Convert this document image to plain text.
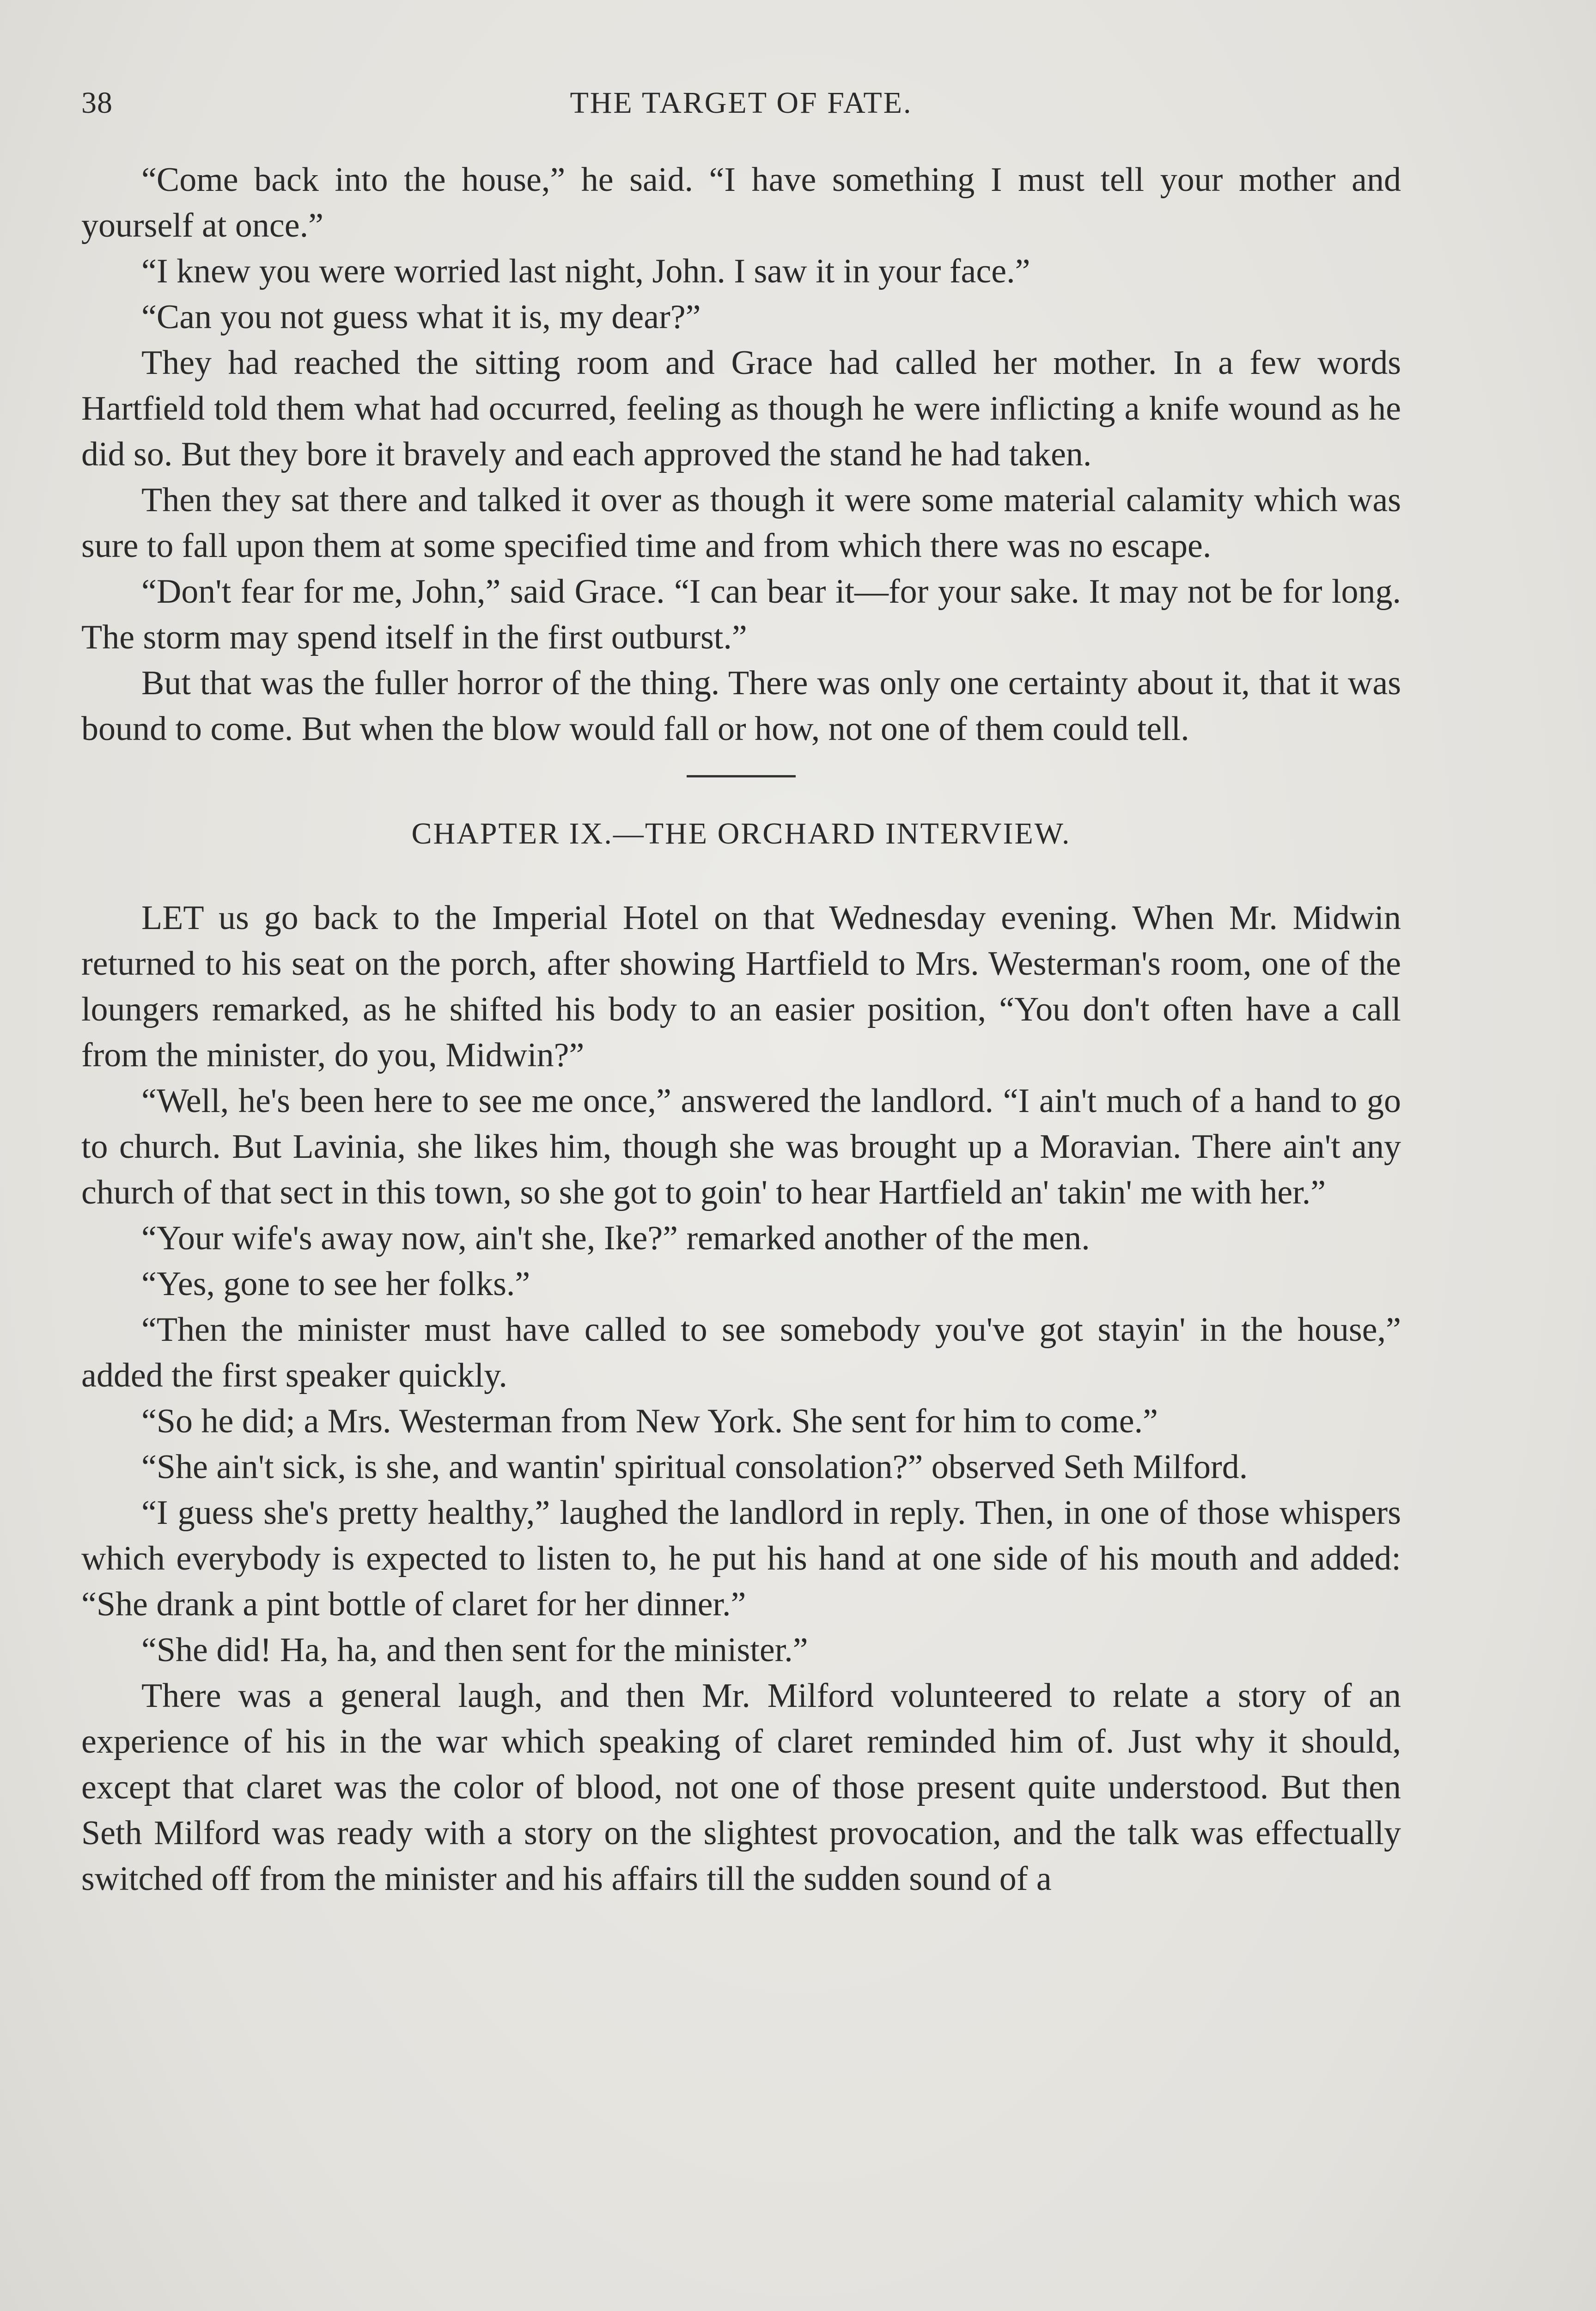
38	THE TARGET OF FATE.

“Come back into the house,” he said. “I have something I must tell your mother and yourself at once.”

“I knew you were worried last night, John. I saw it in your face.”

“Can you not guess what it is, my dear?”

They had reached the sitting room and Grace had called her mother. In a few words Hartfield told them what had occurred, feeling as though he were inflicting a knife wound as he did so. But they bore it bravely and each approved the stand he had taken.

Then they sat there and talked it over as though it were some material calamity which was sure to fall upon them at some specified time and from which there was no escape.

“Don't fear for me, John,” said Grace. “I can bear it—for your sake. It may not be for long. The storm may spend itself in the first outburst.”

But that was the fuller horror of the thing. There was only one certainty about it, that it was bound to come. But when the blow would fall or how, not one of them could tell.

CHAPTER IX.—THE ORCHARD INTERVIEW.

LET us go back to the Imperial Hotel on that Wednesday evening. When Mr. Midwin returned to his seat on the porch, after showing Hartfield to Mrs. Westerman's room, one of the loungers remarked, as he shifted his body to an easier position, “You don't often have a call from the minister, do you, Midwin?”

“Well, he's been here to see me once,” answered the landlord. “I ain't much of a hand to go to church. But Lavinia, she likes him, though she was brought up a Moravian. There ain't any church of that sect in this town, so she got to goin' to hear Hartfield an' takin' me with her.”

“Your wife's away now, ain't she, Ike?” remarked another of the men.

“Yes, gone to see her folks.”

“Then the minister must have called to see somebody you've got stayin' in the house,” added the first speaker quickly.

“So he did; a Mrs. Westerman from New York. She sent for him to come.”

“She ain't sick, is she, and wantin' spiritual consolation?” observed Seth Milford.

“I guess she's pretty healthy,” laughed the landlord in reply. Then, in one of those whispers which everybody is expected to listen to, he put his hand at one side of his mouth and added: “She drank a pint bottle of claret for her dinner.”

“She did! Ha, ha, and then sent for the minister.”

There was a general laugh, and then Mr. Milford volunteered to relate a story of an experience of his in the war which speaking of claret reminded him of. Just why it should, except that claret was the color of blood, not one of those present quite understood. But then Seth Milford was ready with a story on the slightest provocation, and the talk was effectually switched off from the minister and his affairs till the sudden sound of a
